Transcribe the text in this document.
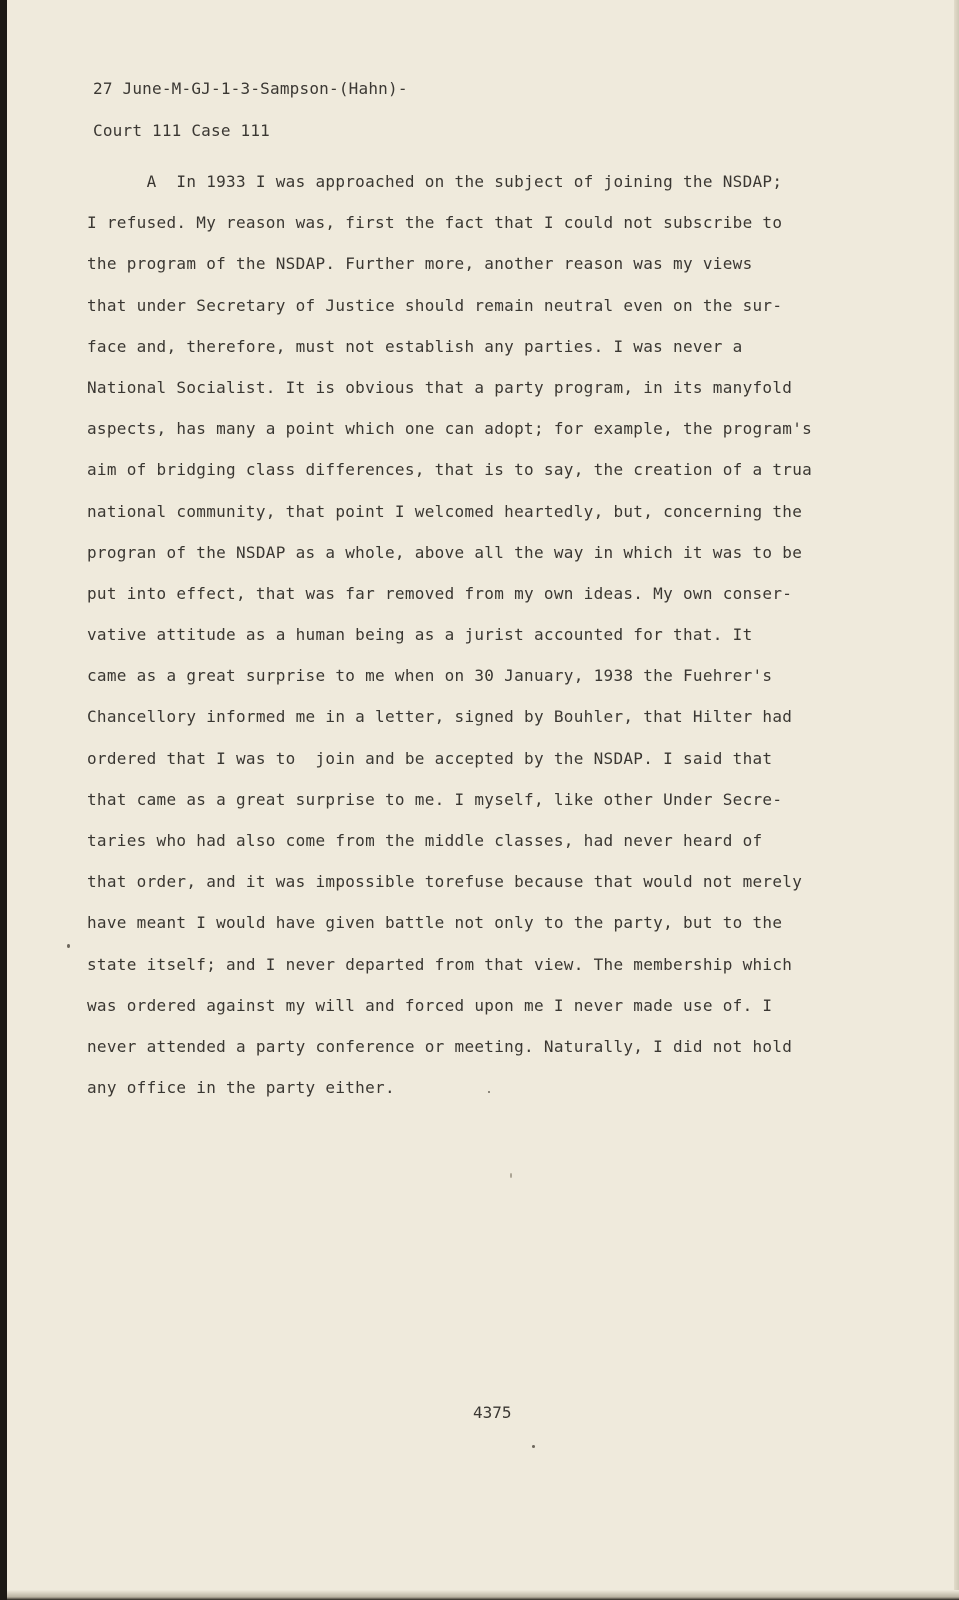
27 June-M-GJ-1-3-Sampson-(Hahn)-
Court 111 Case 111
A  In 1933 I was approached on the subject of joining the NSDAP;
I refused. My reason was, first the fact that I could not subscribe to
the program of the NSDAP. Further more, another reason was my views
that under Secretary of Justice should remain neutral even on the sur-
face and, therefore, must not establish any parties. I was never a
National Socialist. It is obvious that a party program, in its manyfold
aspects, has many a point which one can adopt; for example, the program's
aim of bridging class differences, that is to say, the creation of a trua
national community, that point I welcomed heartedly, but, concerning the
progran of the NSDAP as a whole, above all the way in which it was to be
put into effect, that was far removed from my own ideas. My own conser-
vative attitude as a human being as a jurist accounted for that. It
came as a great surprise to me when on 30 January, 1938 the Fuehrer's
Chancellory informed me in a letter, signed by Bouhler, that Hilter had
ordered that I was to  join and be accepted by the NSDAP. I said that
that came as a great surprise to me. I myself, like other Under Secre-
taries who had also come from the middle classes, had never heard of
that order, and it was impossible torefuse because that would not merely
have meant I would have given battle not only to the party, but to the
state itself; and I never departed from that view. The membership which
was ordered against my will and forced upon me I never made use of. I
never attended a party conference or meeting. Naturally, I did not hold
any office in the party either.
4375
